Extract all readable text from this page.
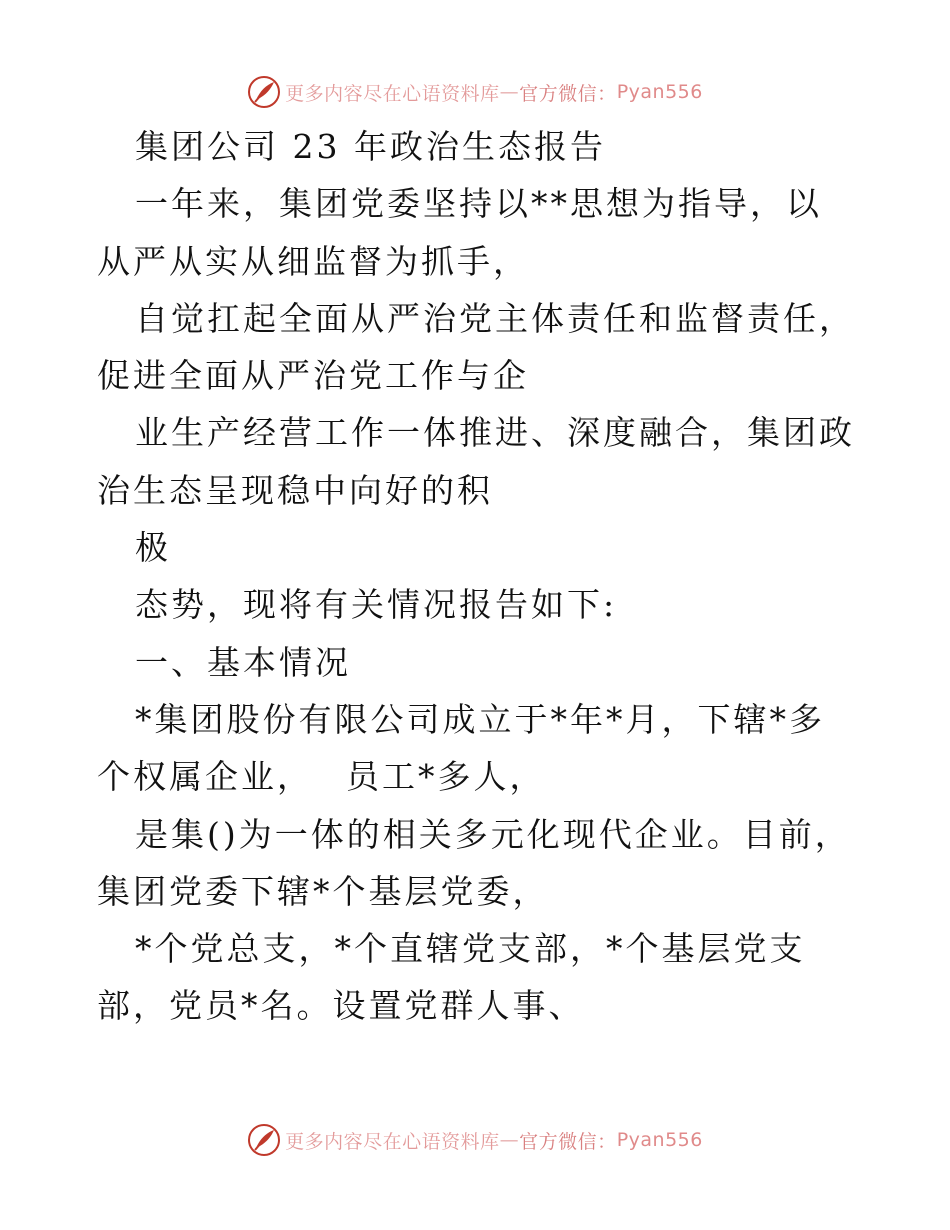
更多内容尽在心语资料库 — 官方微信： Pyan556

集团公司 23 年政治生态报告

一年来，集团党委坚持以**思想为指导，以从严从实从细监督为抓手，

自觉扛起全面从严治党主体责任和监督责任，促进全面从严治党工作与企

业生产经营工作一体推进、深度融合，集团政治生态呈现稳中向好的积

极

态势，现将有关情况报告如下:

一、基本情况

*集团股份有限公司成立于*年*月，下辖*多个权属企业，　 员工*多人，

是集()为一体的相关多元化现代企业。目前，集团党委下辖*个基层党委，

*个党总支，*个直辖党支部，*个基层党支部，党员*名。设置党群人事、

更多内容尽在心语资料库 — 官方微信： Pyan556
